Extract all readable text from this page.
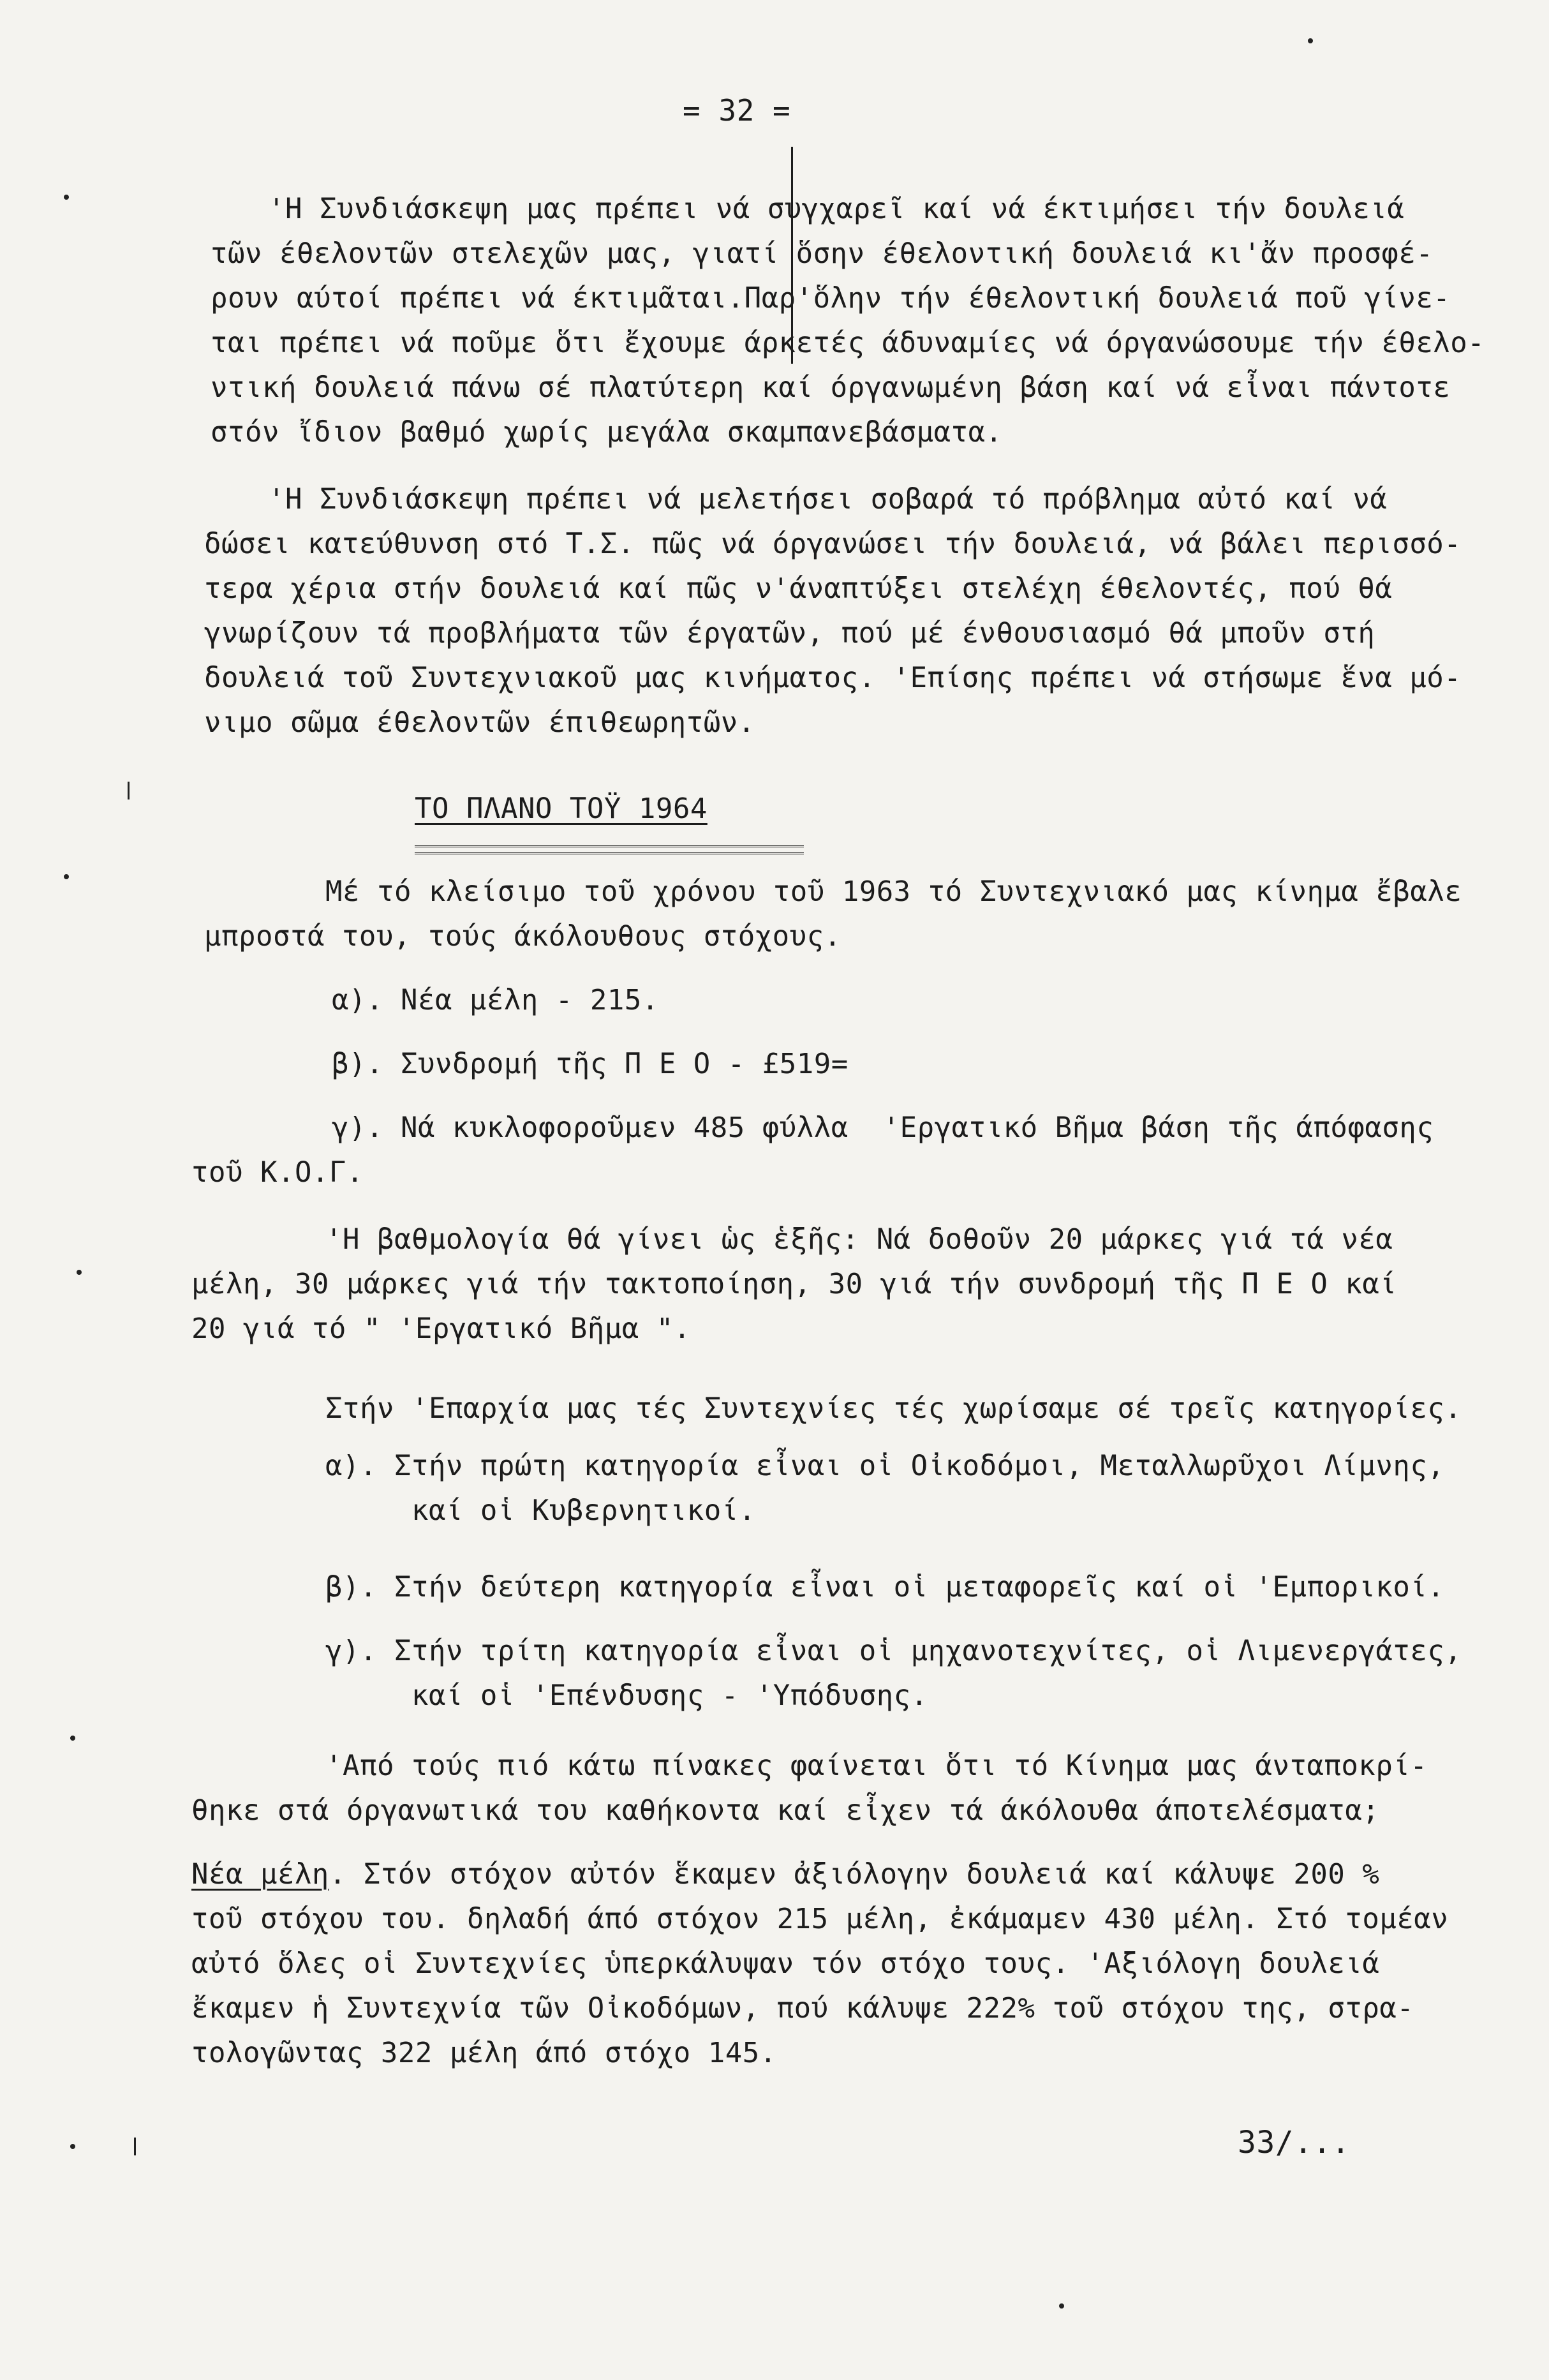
= 32 =
'Η Συνδιάσκεψη μας πρέπει νά συγχαρεῖ καί νά έκτιμήσει τήν δουλειά
τῶν έθελοντῶν στελεχῶν μας, γιατί ὅσην έθελοντική δουλειά κι'ἄν προσφέ-
ρουν αύτοί πρέπει νά έκτιμᾶται.Παρ'ὅλην τήν έθελοντική δουλειά ποῦ γίνε-
ται πρέπει νά ποῦμε ὅτι ἔχουμε άρκετές άδυναμίες νά όργανώσουμε τήν έθελο-
ντική δουλειά πάνω σέ πλατύτερη καί όργανωμένη βάση καί νά εἶναι πάντοτε
στόν ἴδιον βαθμό χωρίς μεγάλα σκαμπανεβάσματα.
'Η Συνδιάσκεψη πρέπει νά μελετήσει σοβαρά τό πρόβλημα αὐτό καί νά
δώσει κατεύθυνση στό Τ.Σ. πῶς νά όργανώσει τήν δουλειά, νά βάλει περισσό-
τερα χέρια στήν δουλειά καί πῶς ν'άναπτύξει στελέχη έθελοντές, πού θά
γνωρίζουν τά προβλήματα τῶν έργατῶν, πού μέ ένθουσιασμό θά μποῦν στή
δουλειά τοῦ Συντεχνιακοῦ μας κινήματος. 'Επίσης πρέπει νά στήσωμε ἕνα μό-
νιμο σῶμα έθελοντῶν έπιθεωρητῶν.
ΤΟ ΠΛΑΝΟ ΤΟΫ 1964
Μέ τό κλείσιμο τοῦ χρόνου τοῦ 1963 τό Συντεχνιακό μας κίνημα ἔβαλε
μπροστά του, τούς άκόλουθους στόχους.
α). Νέα μέλη - 215.
β). Συνδρομή τῆς Π Ε Ο - £519=
γ). Νά κυκλοφοροῦμεν 485 φύλλα  'Εργατικό Βῆμα βάση τῆς άπόφασης
τοῦ Κ.Ο.Γ.
'Η βαθμολογία θά γίνει ὡς ἑξῆς: Νά δοθοῦν 20 μάρκες γιά τά νέα
μέλη, 30 μάρκες γιά τήν τακτοποίηση, 30 γιά τήν συνδρομή τῆς Π Ε Ο καί
20 γιά τό " 'Εργατικό Βῆμα ".
Στήν 'Επαρχία μας τές Συντεχνίες τές χωρίσαμε σέ τρεῖς κατηγορίες.
α). Στήν πρώτη κατηγορία εἶναι οἱ Οἰκοδόμοι, Μεταλλωρῦχοι Λίμνης,
καί οἱ Κυβερνητικοί.
β). Στήν δεύτερη κατηγορία εἶναι οἱ μεταφορεῖς καί οἱ 'Εμπορικοί.
γ). Στήν τρίτη κατηγορία εἶναι οἱ μηχανοτεχνίτες, οἱ Λιμενεργάτες,
καί οἱ 'Επένδυσης - 'Υπόδυσης.
'Από τούς πιό κάτω πίνακες φαίνεται ὅτι τό Κίνημα μας άνταποκρί-
θηκε στά όργανωτικά του καθήκοντα καί εἶχεν τά άκόλουθα άποτελέσματα;
Νέα μέλη. Στόν στόχον αὐτόν ἕκαμεν ἀξιόλογην δουλειά καί κάλυψε 200 %
τοῦ στόχου του. δηλαδή άπό στόχον 215 μέλη, ἐκάμαμεν 430 μέλη. Στό τομέαν
αὐτό ὅλες οἱ Συντεχνίες ὑπερκάλυψαν τόν στόχο τους. 'Αξιόλογη δουλειά
ἔκαμεν ἡ Συντεχνία τῶν Οἰκοδόμων, πού κάλυψε 222% τοῦ στόχου της, στρα-
τολογῶντας 322 μέλη άπό στόχο 145.
33/...
